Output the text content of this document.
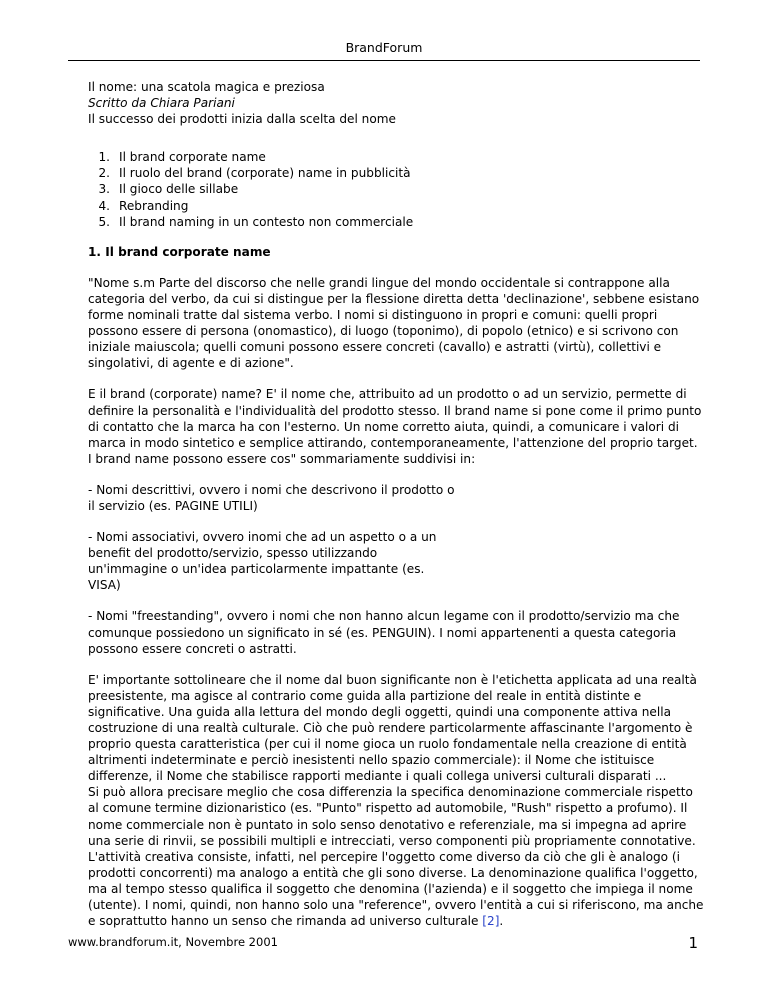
BrandForum

Il nome: una scatola magica e preziosa

Scritto da Chiara Pariani

Il successo dei prodotti inizia dalla scelta del nome

1. Il brand corporate name
2. Il ruolo del brand (corporate) name in pubblicità
3. Il gioco delle sillabe
4. Rebranding
5. Il brand naming in un contesto non commerciale

1. Il brand corporate name

"Nome s.m Parte del discorso che nelle grandi lingue del mondo occidentale si contrappone alla categoria del verbo, da cui si distingue per la flessione diretta detta 'declinazione', sebbene esistano forme nominali tratte dal sistema verbo. I nomi si distinguono in propri e comuni: quelli propri possono essere di persona (onomastico), di luogo (toponimo), di popolo (etnico) e si scrivono con iniziale maiuscola; quelli comuni possono essere concreti (cavallo) e astratti (virtù), collettivi e singolativi, di agente e di azione".

E il brand (corporate) name? E' il nome che, attribuito ad un prodotto o ad un servizio, permette di definire la personalità e l'individualità del prodotto stesso. Il brand name si pone come il primo punto di contatto che la marca ha con l'esterno. Un nome corretto aiuta, quindi, a comunicare i valori di marca in modo sintetico e semplice attirando, contemporaneamente, l'attenzione del proprio target. I brand name possono essere cos" sommariamente suddivisi in:

- Nomi descrittivi, ovvero i nomi che descrivono il prodotto o il servizio (es. PAGINE UTILI)

- Nomi associativi, ovvero inomi che ad un aspetto o a un benefit del prodotto/servizio, spesso utilizzando un'immagine o un'idea particolarmente impattante (es. VISA)

- Nomi "freestanding", ovvero i nomi che non hanno alcun legame con il prodotto/servizio ma che comunque possiedono un significato in sé (es. PENGUIN). I nomi appartenenti a questa categoria possono essere concreti o astratti.

E' importante sottolineare che il nome dal buon significante non è l'etichetta applicata ad una realtà preesistente, ma agisce al contrario come guida alla partizione del reale in entità distinte e significative. Una guida alla lettura del mondo degli oggetti, quindi una componente attiva nella costruzione di una realtà culturale. Ciò che può rendere particolarmente affascinante l'argomento è proprio questa caratteristica (per cui il nome gioca un ruolo fondamentale nella creazione di entità altrimenti indeterminate e perciò inesistenti nello spazio commerciale): il Nome che istituisce differenze, il Nome che stabilisce rapporti mediante i quali collega universi culturali disparati ...
Si può allora precisare meglio che cosa differenzia la specifica denominazione commerciale rispetto al comune termine dizionaristico (es. "Punto" rispetto ad automobile, "Rush" rispetto a profumo). Il nome commerciale non è puntato in solo senso denotativo e referenziale, ma si impegna ad aprire una serie di rinvii, se possibili multipli e intrecciati, verso componenti più propriamente connotative. L'attività creativa consiste, infatti, nel percepire l'oggetto come diverso da ciò che gli è analogo (i prodotti concorrenti) ma analogo a entità che gli sono diverse. La denominazione qualifica l'oggetto, ma al tempo stesso qualifica il soggetto che denomina (l'azienda) e il soggetto che impiega il nome (utente). I nomi, quindi, non hanno solo una "reference", ovvero l'entità a cui si riferiscono, ma anche e soprattutto hanno un senso che rimanda ad universo culturale [2].

www.brandforum.it, Novembre 2001	1
